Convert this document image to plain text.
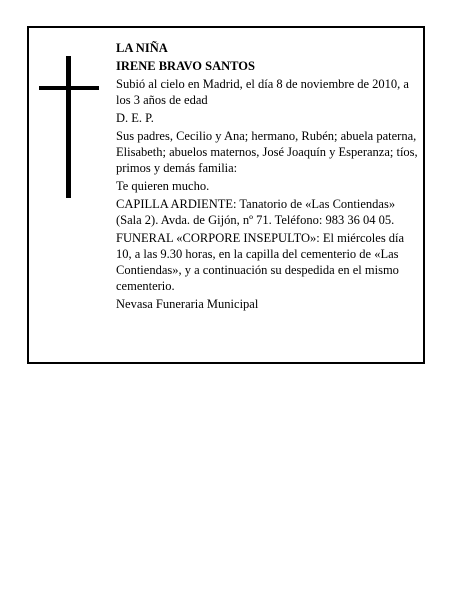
LA NIÑA

IRENE BRAVO SANTOS

Subió al cielo en Madrid, el día 8 de noviembre de 2010, a los 3 años de edad

D. E. P.

Sus padres, Cecilio y Ana; hermano, Rubén; abuela paterna, Elisabeth; abuelos maternos, José Joaquín y Esperanza; tíos, primos y demás familia:

Te quieren mucho.

CAPILLA ARDIENTE: Tanatorio de «Las Contiendas»
(Sala 2). Avda. de Gijón, nº 71. Teléfono: 983 36 04 05.

FUNERAL «CORPORE INSEPULTO»: El miércoles día 10, a las 9.30 horas, en la capilla del cementerio de «Las Contiendas», y a continuación su despedida en el mismo cementerio.

Nevasa Funeraria Municipal
